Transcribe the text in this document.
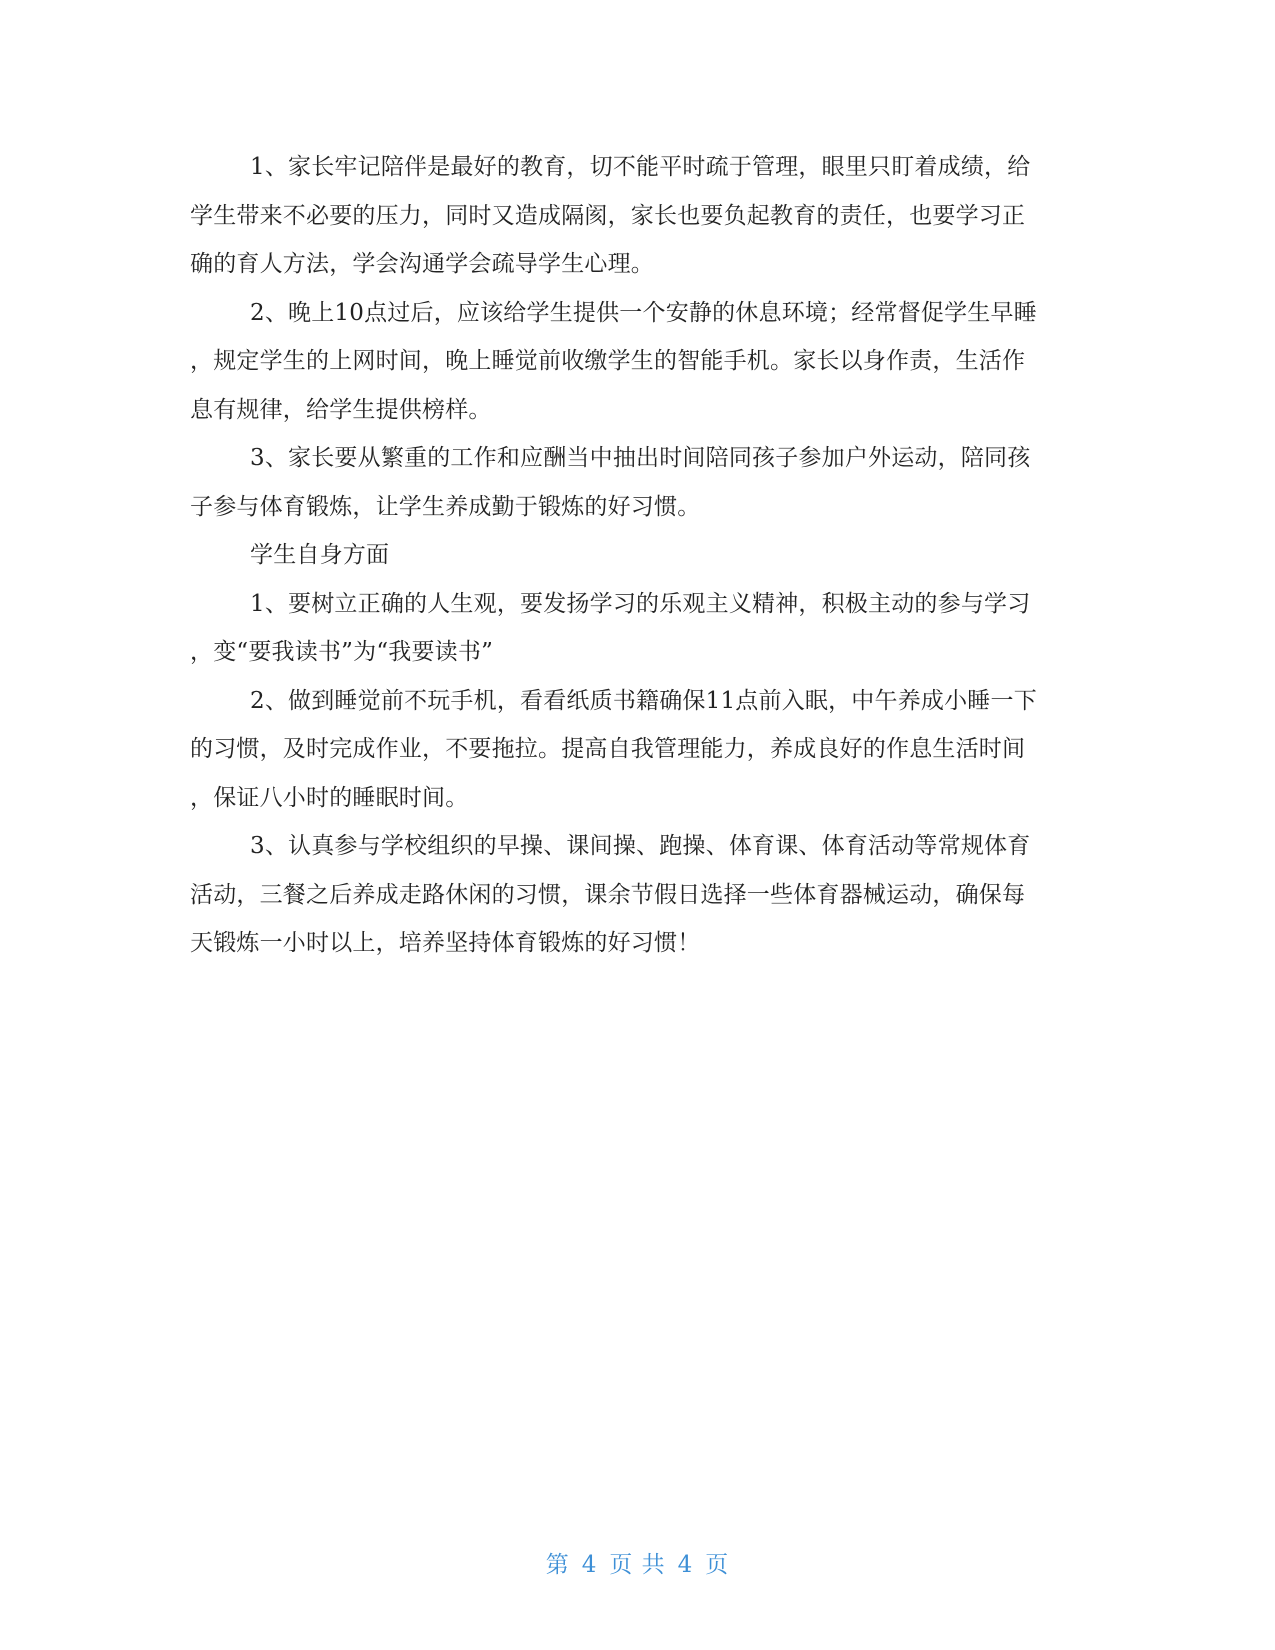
1、家长牢记陪伴是最好的教育，切不能平时疏于管理，眼里只盯着成绩，给
学生带来不必要的压力，同时又造成隔阂，家长也要负起教育的责任，也要学习正
确的育人方法，学会沟通学会疏导学生心理。

2、晚上10点过后，应该给学生提供一个安静的休息环境；经常督促学生早睡
，规定学生的上网时间，晚上睡觉前收缴学生的智能手机。家长以身作责，生活作
息有规律，给学生提供榜样。

3、家长要从繁重的工作和应酬当中抽出时间陪同孩子参加户外运动，陪同孩
子参与体育锻炼，让学生养成勤于锻炼的好习惯。

学生自身方面

1、要树立正确的人生观，要发扬学习的乐观主义精神，积极主动的参与学习
，变“要我读书”为“我要读书”

2、做到睡觉前不玩手机，看看纸质书籍确保11点前入眠，中午养成小睡一下
的习惯，及时完成作业，不要拖拉。提高自我管理能力，养成良好的作息生活时间
，保证八小时的睡眠时间。

3、认真参与学校组织的早操、课间操、跑操、体育课、体育活动等常规体育
活动，三餐之后养成走路休闲的习惯，课余节假日选择一些体育器械运动，确保每
天锻炼一小时以上，培养坚持体育锻炼的好习惯！

第 4 页 共 4 页
